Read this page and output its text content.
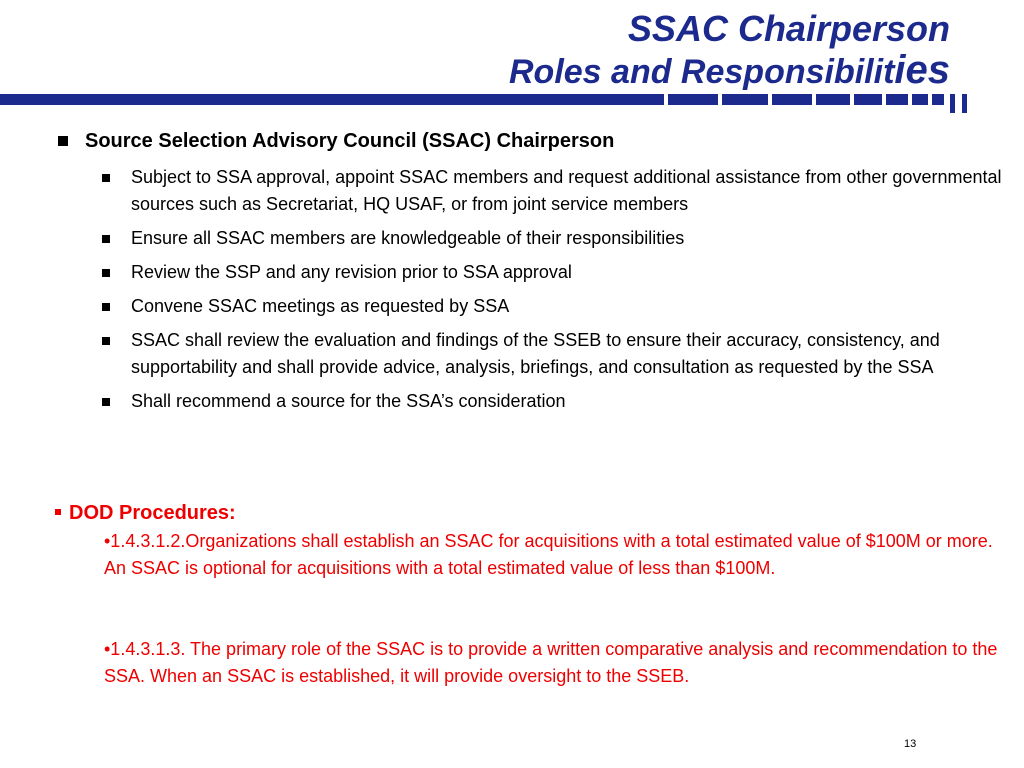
SSAC Chairperson
Roles and Responsibilities
Source Selection Advisory Council (SSAC) Chairperson
Subject to SSA approval, appoint SSAC members and request additional assistance from other governmental sources such as Secretariat, HQ USAF, or from joint service members
Ensure all SSAC members are knowledgeable of their responsibilities
Review the SSP and any revision prior to SSA approval
Convene SSAC meetings as requested by SSA
SSAC shall review the evaluation and findings of the SSEB to ensure their accuracy, consistency, and supportability and shall provide advice, analysis, briefings, and consultation as requested by the SSA
Shall recommend a source for the SSA’s consideration
DOD Procedures:
•1.4.3.1.2.Organizations shall establish an SSAC for acquisitions with a total estimated value of $100M or more. An SSAC is optional for acquisitions with a total estimated value of less than $100M.
•1.4.3.1.3. The primary role of the SSAC is to provide a written comparative analysis and recommendation to the SSA. When an SSAC is established, it will provide oversight to the SSEB.
13
